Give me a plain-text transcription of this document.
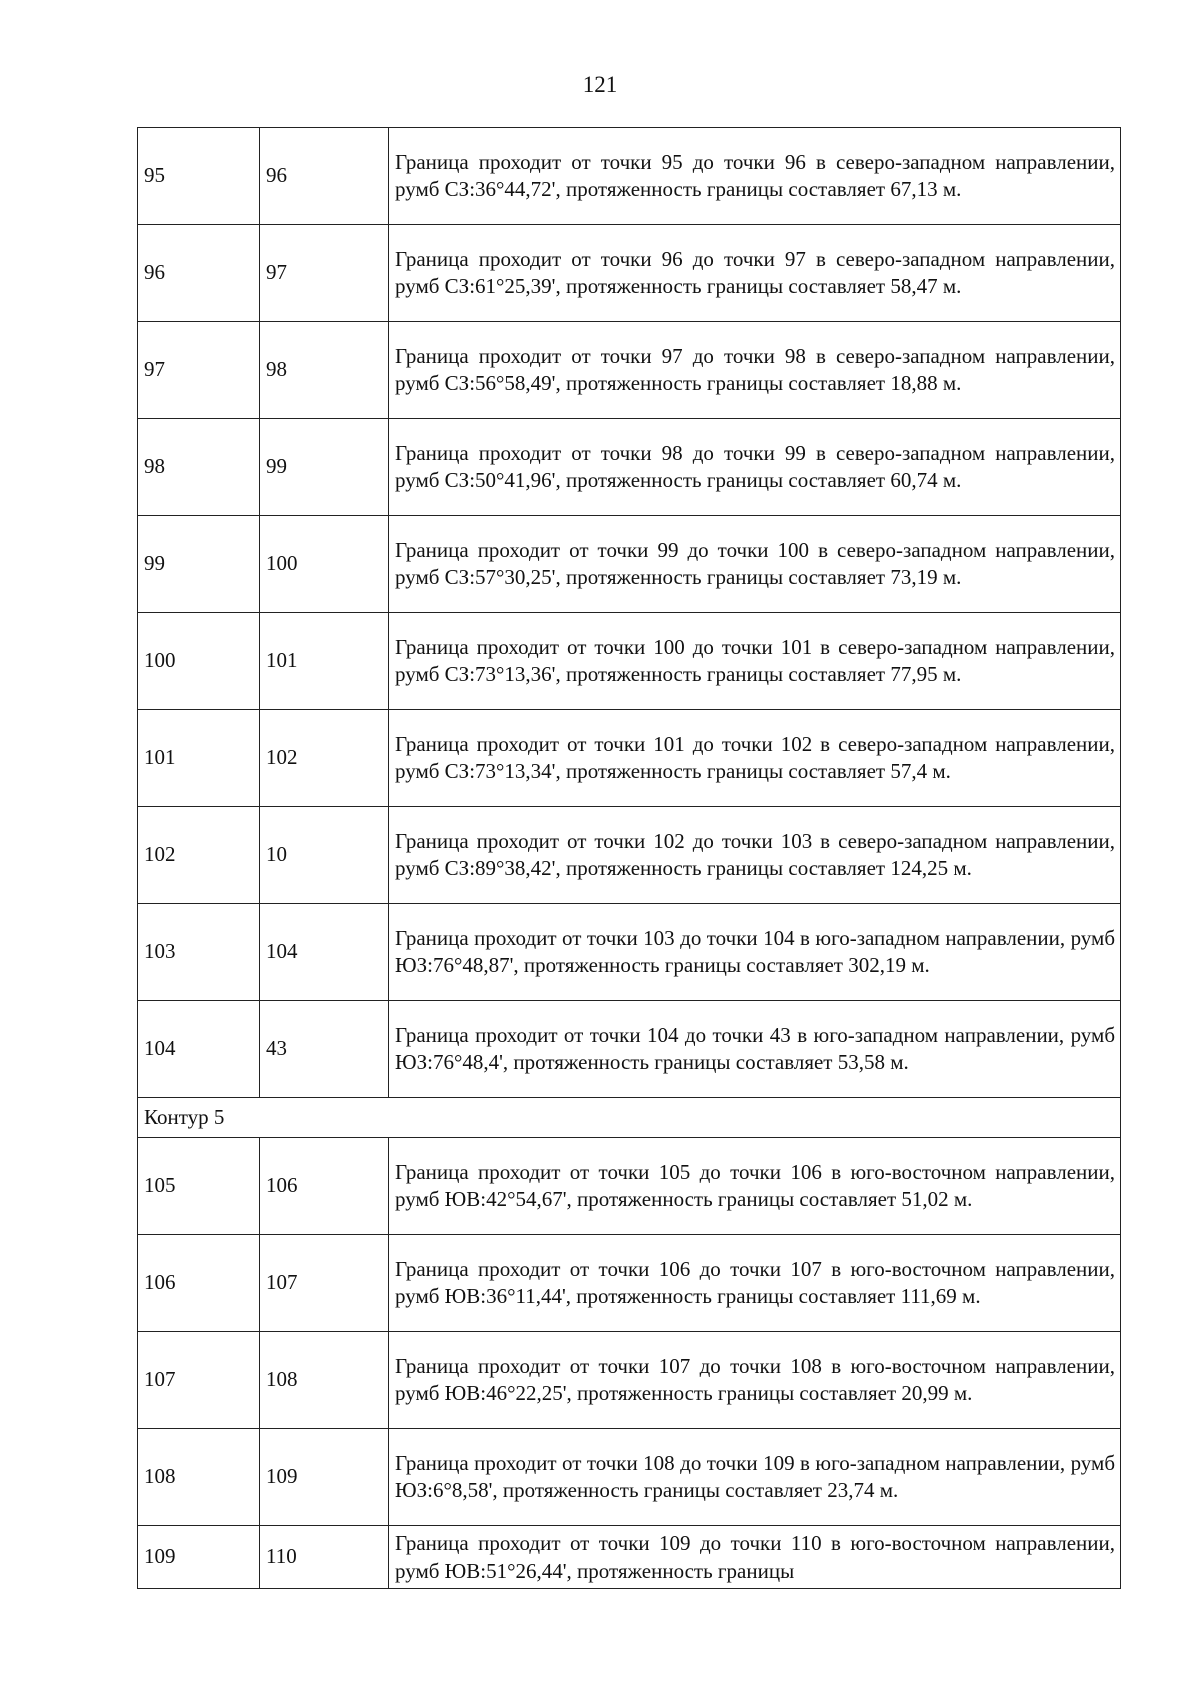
121
95	96	Граница проходит от точки 95 до точки 96 в северо-западном направлении, румб СЗ:36°44,72', протяженность границы составляет 67,13 м.
96	97	Граница проходит от точки 96 до точки 97 в северо-западном направлении, румб СЗ:61°25,39', протяженность границы составляет 58,47 м.
97	98	Граница проходит от точки 97 до точки 98 в северо-западном направлении, румб СЗ:56°58,49', протяженность границы составляет 18,88 м.
98	99	Граница проходит от точки 98 до точки 99 в северо-западном направлении, румб СЗ:50°41,96', протяженность границы составляет 60,74 м.
99	100	Граница проходит от точки 99 до точки 100 в северо-западном направлении, румб СЗ:57°30,25', протяженность границы составляет 73,19 м.
100	101	Граница проходит от точки 100 до точки 101 в северо-западном направлении, румб СЗ:73°13,36', протяженность границы составляет 77,95 м.
101	102	Граница проходит от точки 101 до точки 102 в северо-западном направлении, румб СЗ:73°13,34', протяженность границы составляет 57,4 м.
102	10	Граница проходит от точки 102 до точки 103 в северо-западном направлении, румб СЗ:89°38,42', протяженность границы составляет 124,25 м.
103	104	Граница проходит от точки 103 до точки 104 в юго-западном направлении, румб ЮЗ:76°48,87', протяженность границы составляет 302,19 м.
104	43	Граница проходит от точки 104 до точки 43 в юго-западном направлении, румб ЮЗ:76°48,4', протяженность границы составляет 53,58 м.
Контур 5		
105	106	Граница проходит от точки 105 до точки 106 в юго-восточном направлении, румб ЮВ:42°54,67', протяженность границы составляет 51,02 м.
106	107	Граница проходит от точки 106 до точки 107 в юго-восточном направлении, румб ЮВ:36°11,44', протяженность границы составляет 111,69 м.
107	108	Граница проходит от точки 107 до точки 108 в юго-восточном направлении, румб ЮВ:46°22,25', протяженность границы составляет 20,99 м.
108	109	Граница проходит от точки 108 до точки 109 в юго-западном направлении, румб ЮЗ:6°8,58', протяженность границы составляет 23,74 м.
109	110	Граница проходит от точки 109 до точки 110 в юго-восточном направлении, румб ЮВ:51°26,44', протяженность границы
